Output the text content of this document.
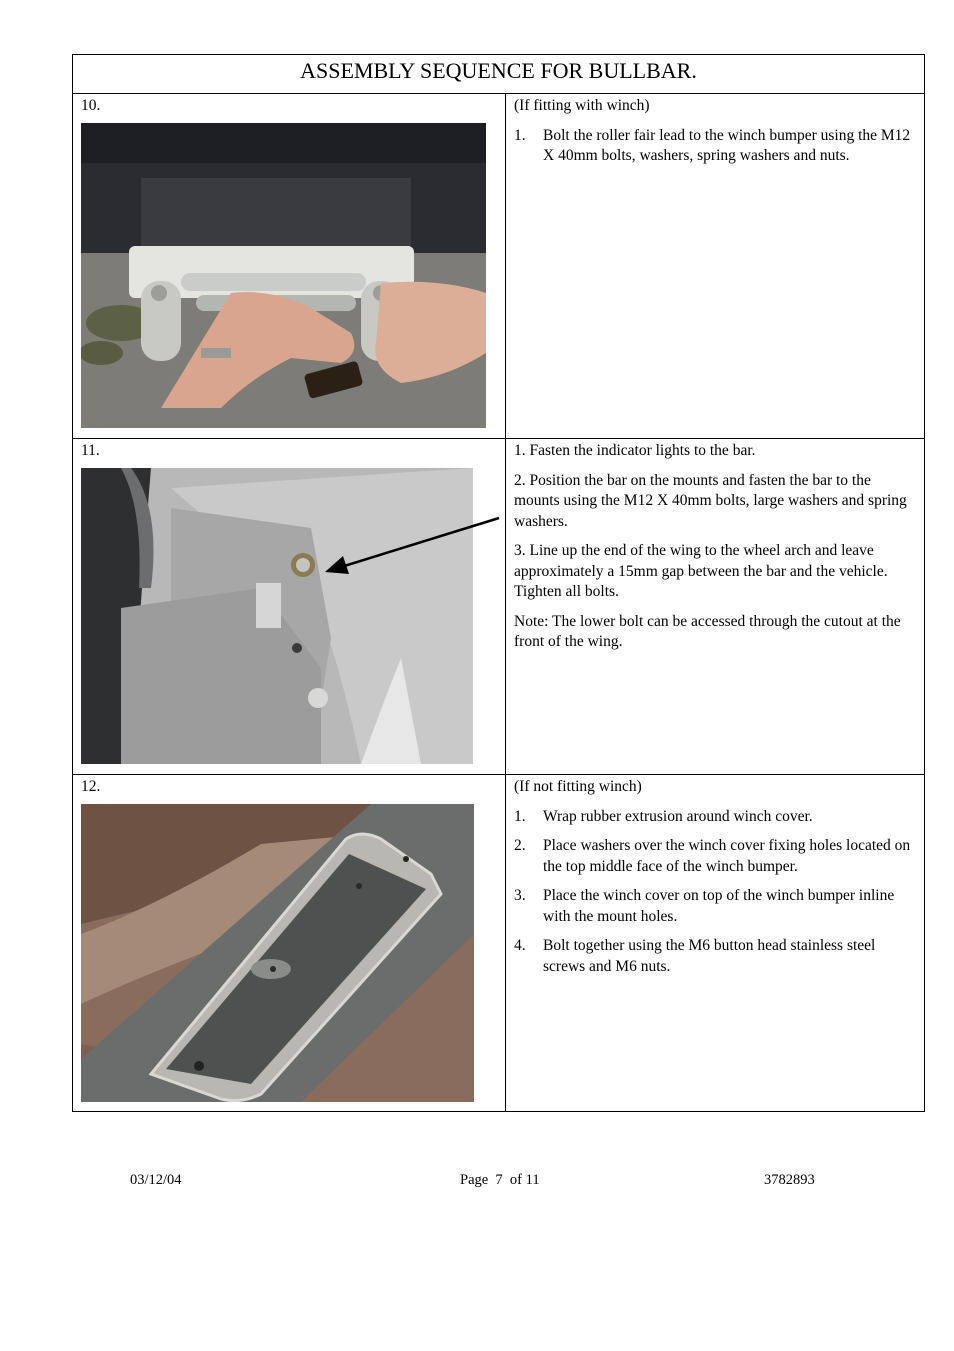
ASSEMBLY SEQUENCE FOR BULLBAR.
10.	(If fitting with winch)

1. Bolt the roller fair lead to the winch bumper using the M12 X 40mm bolts, washers, spring washers and nuts.
11.	1. Fasten the indicator lights to the bar.

2. Position the bar on the mounts and fasten the bar to the mounts using the M12 X 40mm bolts, large washers and spring washers.

3. Line up the end of the wing to the wheel arch and leave approximately a 15mm gap between the bar and the vehicle. Tighten all bolts.

Note: The lower bolt can be accessed through the cutout at the front of the wing.

12.	(If not fitting winch)

1. Wrap rubber extrusion around winch cover.
2. Place washers over the winch cover fixing holes located on the top middle face of the winch bumper.
3. Place the winch cover on top of the winch bumper inline with the mount holes.
4. Bolt together using the M6 button head stainless steel screws and M6 nuts.
03/12/04	Page  7  of 11	3782893
